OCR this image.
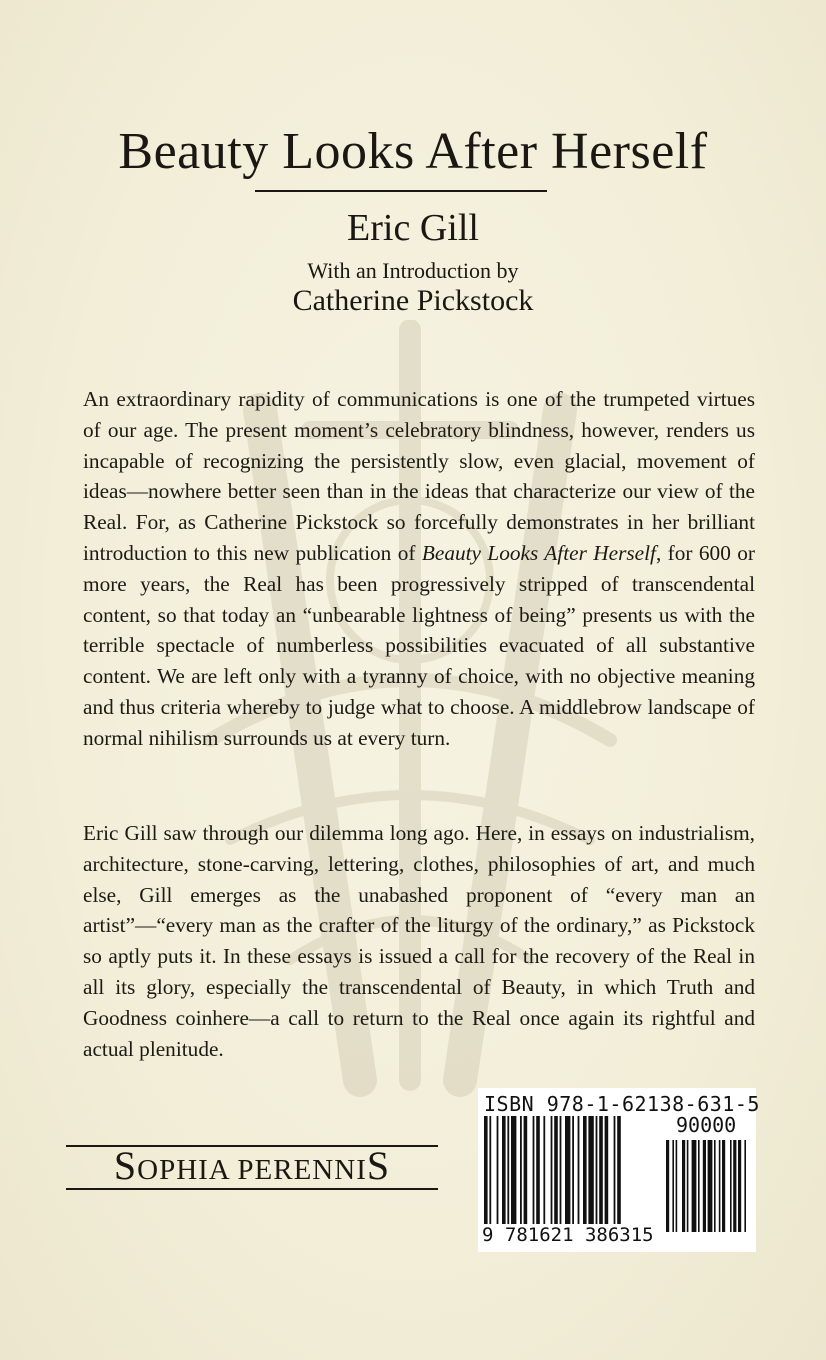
Beauty Looks After Herself
Eric Gill
With an Introduction by
Catherine Pickstock

An extraordinary rapidity of communications is one of the trumpeted virtues of our age. The present moment’s celebratory blindness, however, renders us incapable of recognizing the persistently slow, even glacial, movement of ideas—nowhere better seen than in the ideas that characterize our view of the Real. For, as Catherine Pickstock so forcefully demonstrates in her brilliant introduction to this new publication of Beauty Looks After Herself, for 600 or more years, the Real has been progressively stripped of transcendental content, so that today an “unbearable lightness of being” presents us with the terrible spectacle of numberless possibilities evacuated of all substantive content. We are left only with a tyranny of choice, with no objective meaning and thus criteria whereby to judge what to choose. A middlebrow landscape of normal nihilism surrounds us at every turn.

Eric Gill saw through our dilemma long ago. Here, in essays on industrialism, architecture, stone-carving, lettering, clothes, philosophies of art, and much else, Gill emerges as the unabashed proponent of “every man an artist”—“every man as the crafter of the liturgy of the ordinary,” as Pickstock so aptly puts it. In these essays is issued a call for the recovery of the Real in all its glory, especially the transcendental of Beauty, in which Truth and Goodness coinhere—a call to return to the Real once again its rightful and actual plenitude.

SOPHIA PERENNIS
ISBN 978-1-62138-631-5
90000
9 781621 386315
